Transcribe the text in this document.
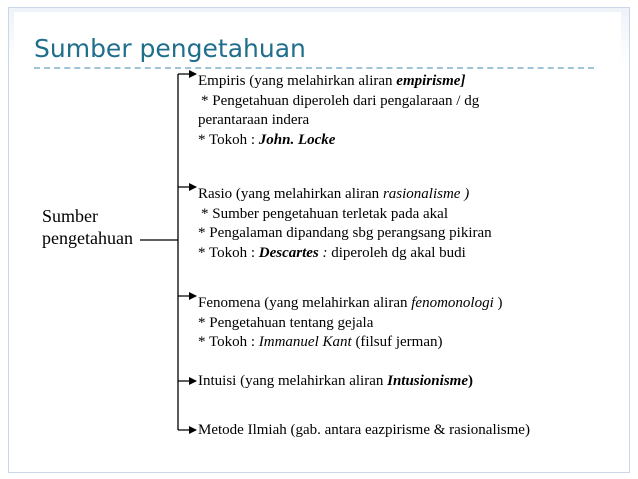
Sumber pengetahuan
Sumber
pengetahuan
Empiris (yang melahirkan aliran empirisme]
* Pengetahuan diperoleh dari pengalaraan / dg
perantaraan indera
* Tokoh : John. Locke
Rasio (yang melahirkan aliran rasionalisme )
* Sumber pengetahuan terletak pada akal
* Pengalaman dipandang sbg perangsang pikiran
* Tokoh : Descartes : diperoleh dg akal budi
Fenomena (yang melahirkan aliran fenomonologi )
* Pengetahuan tentang gejala
* Tokoh : Immanuel Kant (filsuf jerman)
Intuisi (yang melahirkan aliran Intusionisme)
Metode Ilmiah (gab. antara eazpirisme & rasionalisme)
